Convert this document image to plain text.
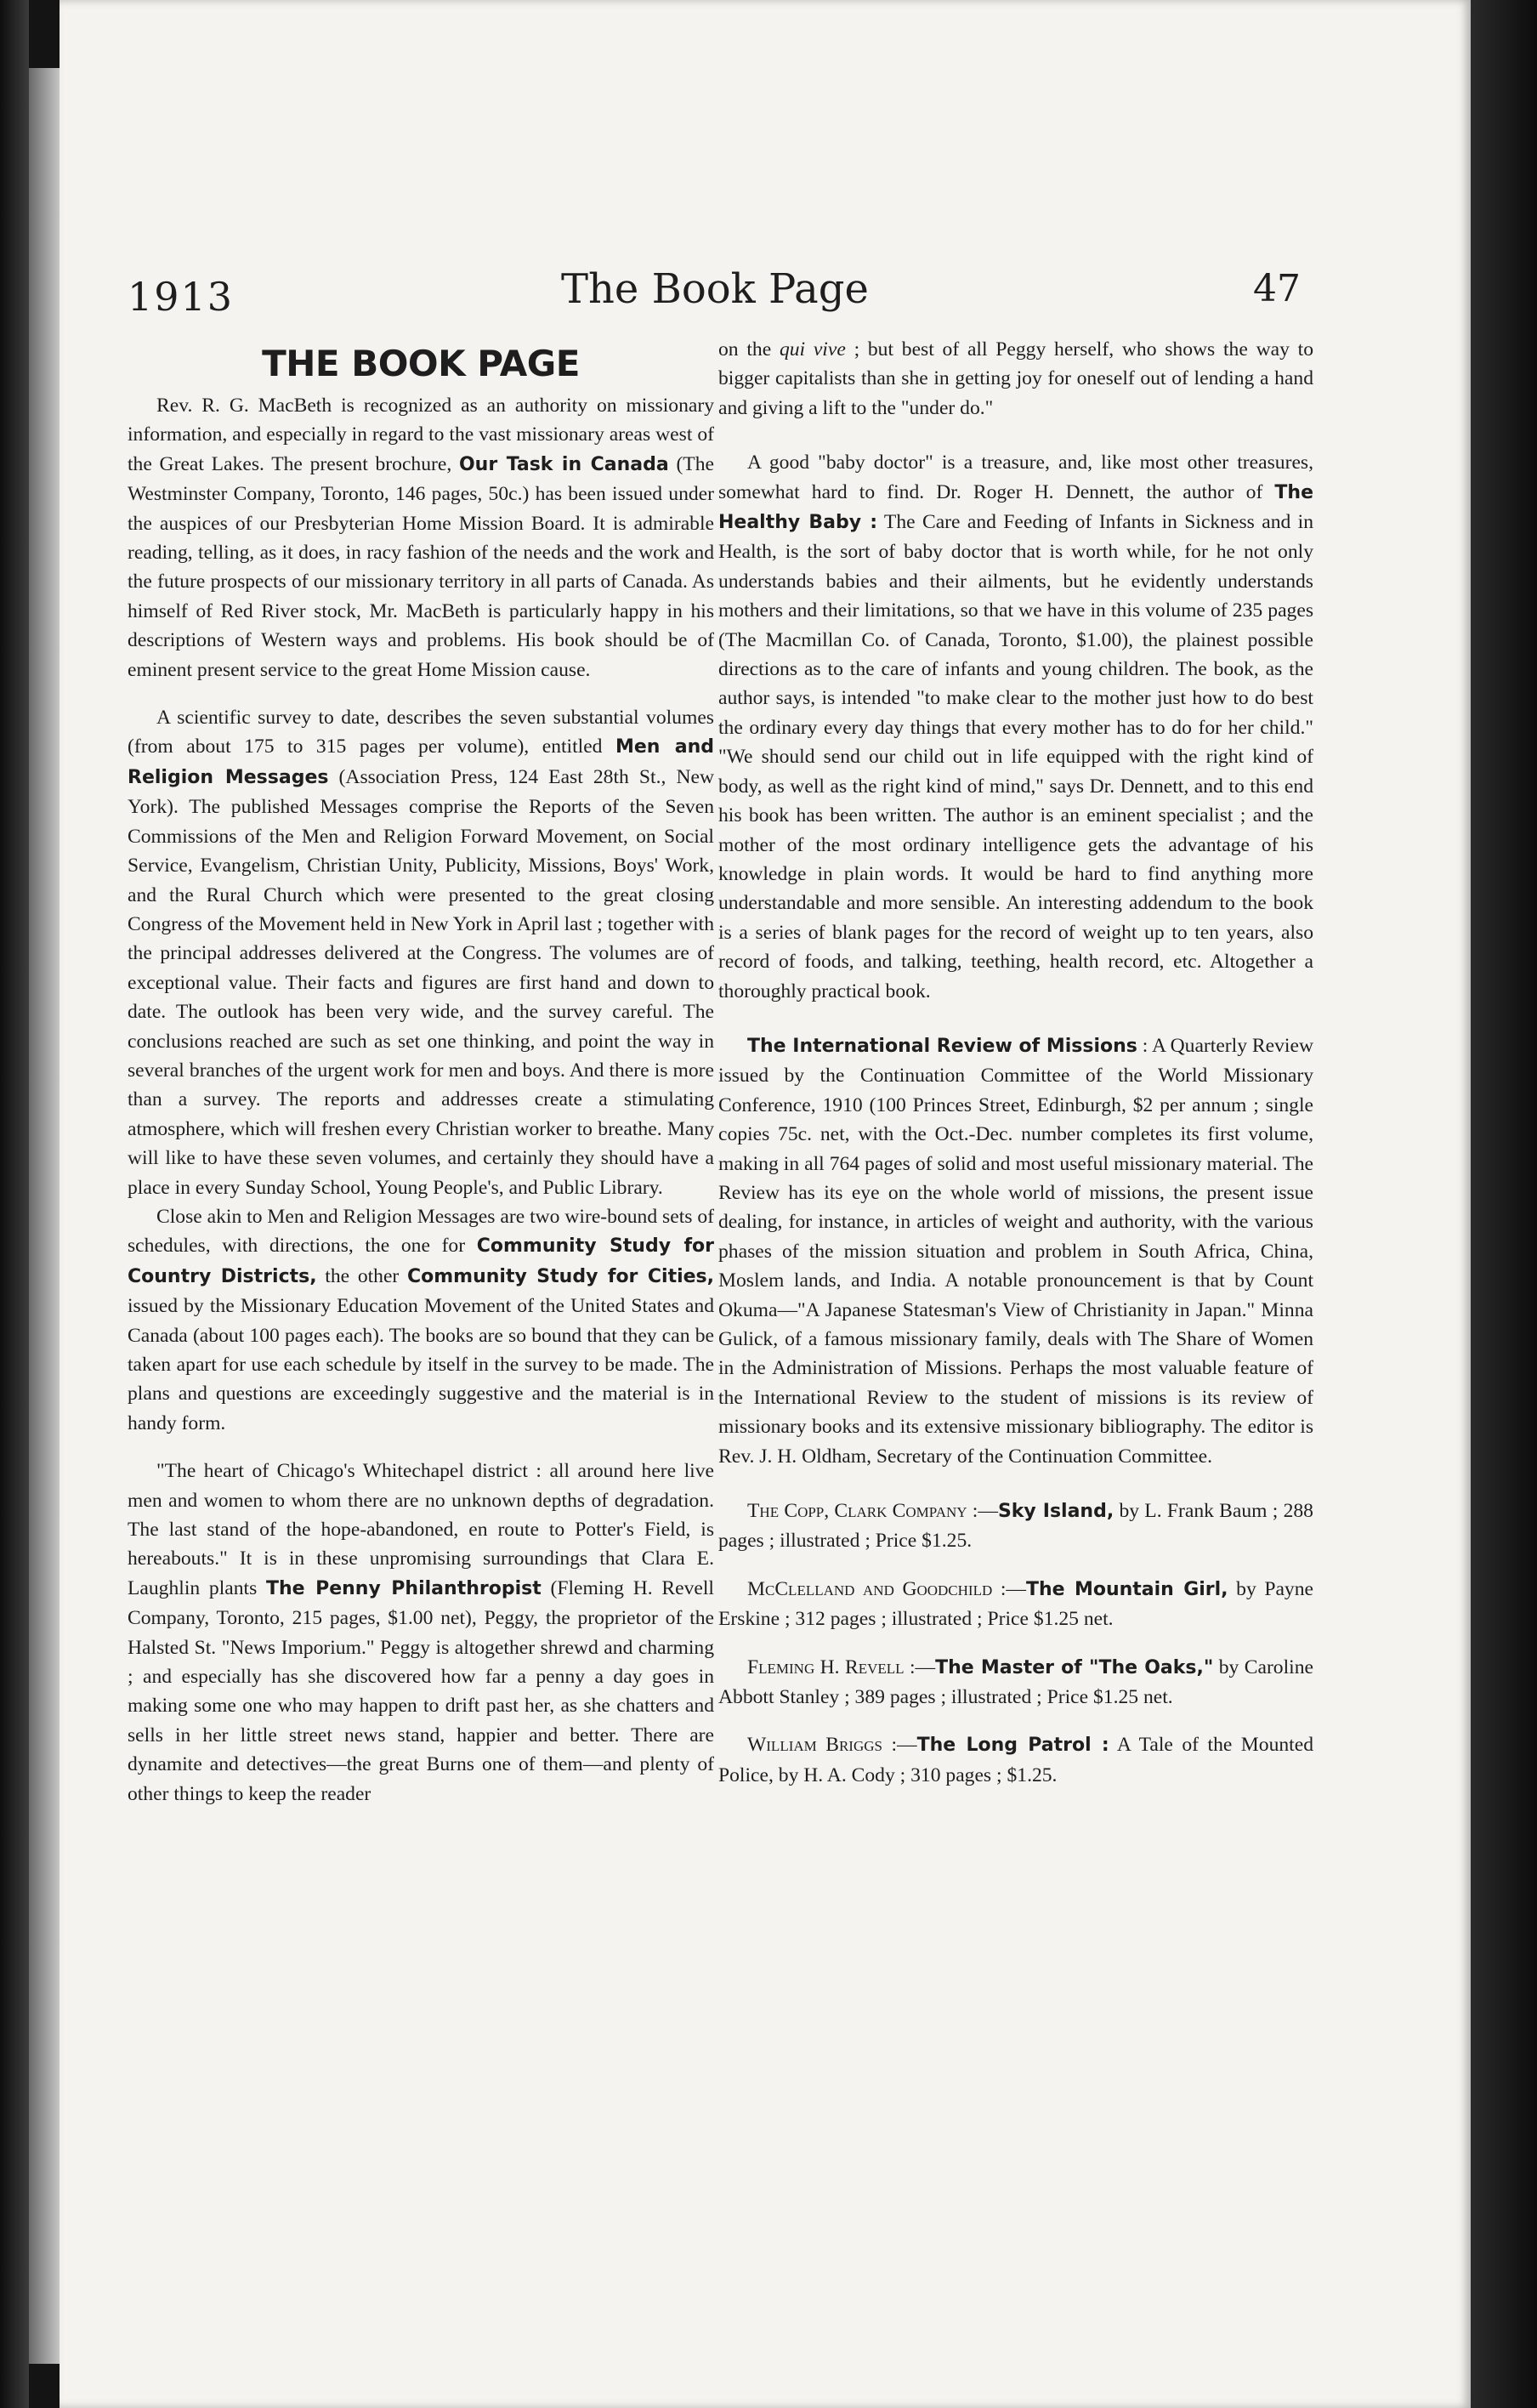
1913	The Book Page	47
THE BOOK PAGE

Rev. R. G. MacBeth is recognized as an authority on missionary information, and especially in regard to the vast missionary areas west of the Great Lakes. The present brochure, Our Task in Canada (The Westminster Company, Toronto, 146 pages, 50c.) has been issued under the auspices of our Presbyterian Home Mission Board. It is admirable reading, telling, as it does, in racy fashion of the needs and the work and the future prospects of our missionary territory in all parts of Canada. As himself of Red River stock, Mr. MacBeth is particularly happy in his descriptions of Western ways and problems. His book should be of eminent present service to the great Home Mission cause.

A scientific survey to date, describes the seven substantial volumes (from about 175 to 315 pages per volume), entitled Men and Religion Messages (Association Press, 124 East 28th St., New York). The published Messages comprise the Reports of the Seven Commissions of the Men and Religion Forward Movement, on Social Service, Evangelism, Christian Unity, Publicity, Missions, Boys' Work, and the Rural Church which were presented to the great closing Congress of the Movement held in New York in April last ; together with the principal addresses delivered at the Congress. The volumes are of exceptional value. Their facts and figures are first hand and down to date. The outlook has been very wide, and the survey careful. The conclusions reached are such as set one thinking, and point the way in several branches of the urgent work for men and boys. And there is more than a survey. The reports and addresses create a stimulating atmosphere, which will freshen every Christian worker to breathe. Many will like to have these seven volumes, and certainly they should have a place in every Sunday School, Young People's, and Public Library.

Close akin to Men and Religion Messages are two wire-bound sets of schedules, with directions, the one for Community Study for Country Districts, the other Community Study for Cities, issued by the Missionary Education Movement of the United States and Canada (about 100 pages each). The books are so bound that they can be taken apart for use each schedule by itself in the survey to be made. The plans and questions are exceedingly suggestive and the material is in handy form.

"The heart of Chicago's Whitechapel district : all around here live men and women to whom there are no unknown depths of degradation. The last stand of the hope-abandoned, en route to Potter's Field, is hereabouts." It is in these unpromising surroundings that Clara E. Laughlin plants The Penny Philanthropist (Fleming H. Revell Company, Toronto, 215 pages, $1.00 net), Peggy, the proprietor of the Halsted St. "News Imporium." Peggy is altogether shrewd and charming ; and especially has she discovered how far a penny a day goes in making some one who may happen to drift past her, as she chatters and sells in her little street news stand, happier and better. There are dynamite and detectives—the great Burns one of them—and plenty of other things to keep the reader

on the qui vive ; but best of all Peggy herself, who shows the way to bigger capitalists than she in getting joy for oneself out of lending a hand and giving a lift to the "under do."

A good "baby doctor" is a treasure, and, like most other treasures, somewhat hard to find. Dr. Roger H. Dennett, the author of The Healthy Baby : The Care and Feeding of Infants in Sickness and in Health, is the sort of baby doctor that is worth while, for he not only understands babies and their ailments, but he evidently understands mothers and their limitations, so that we have in this volume of 235 pages (The Macmillan Co. of Canada, Toronto, $1.00), the plainest possible directions as to the care of infants and young children. The book, as the author says, is intended "to make clear to the mother just how to do best the ordinary every day things that every mother has to do for her child." "We should send our child out in life equipped with the right kind of body, as well as the right kind of mind," says Dr. Dennett, and to this end his book has been written. The author is an eminent specialist ; and the mother of the most ordinary intelligence gets the advantage of his knowledge in plain words. It would be hard to find anything more understandable and more sensible. An interesting addendum to the book is a series of blank pages for the record of weight up to ten years, also record of foods, and talking, teething, health record, etc. Altogether a thoroughly practical book.

The International Review of Missions : A Quarterly Review issued by the Continuation Committee of the World Missionary Conference, 1910 (100 Princes Street, Edinburgh, $2 per annum ; single copies 75c. net, with the Oct.-Dec. number completes its first volume, making in all 764 pages of solid and most useful missionary material. The Review has its eye on the whole world of missions, the present issue dealing, for instance, in articles of weight and authority, with the various phases of the mission situation and problem in South Africa, China, Moslem lands, and India. A notable pronouncement is that by Count Okuma—"A Japanese Statesman's View of Christianity in Japan." Minna Gulick, of a famous missionary family, deals with The Share of Women in the Administration of Missions. Perhaps the most valuable feature of the International Review to the student of missions is its review of missionary books and its extensive missionary bibliography. The editor is Rev. J. H. Oldham, Secretary of the Continuation Committee.

The Copp, Clark Company :—Sky Island, by L. Frank Baum ; 288 pages ; illustrated ; Price $1.25.

McClelland and Goodchild :—The Mountain Girl, by Payne Erskine ; 312 pages ; illustrated ; Price $1.25 net.

Fleming H. Revell :—The Master of "The Oaks," by Caroline Abbott Stanley ; 389 pages ; illustrated ; Price $1.25 net.

William Briggs :—The Long Patrol : A Tale of the Mounted Police, by H. A. Cody ; 310 pages ; $1.25.
